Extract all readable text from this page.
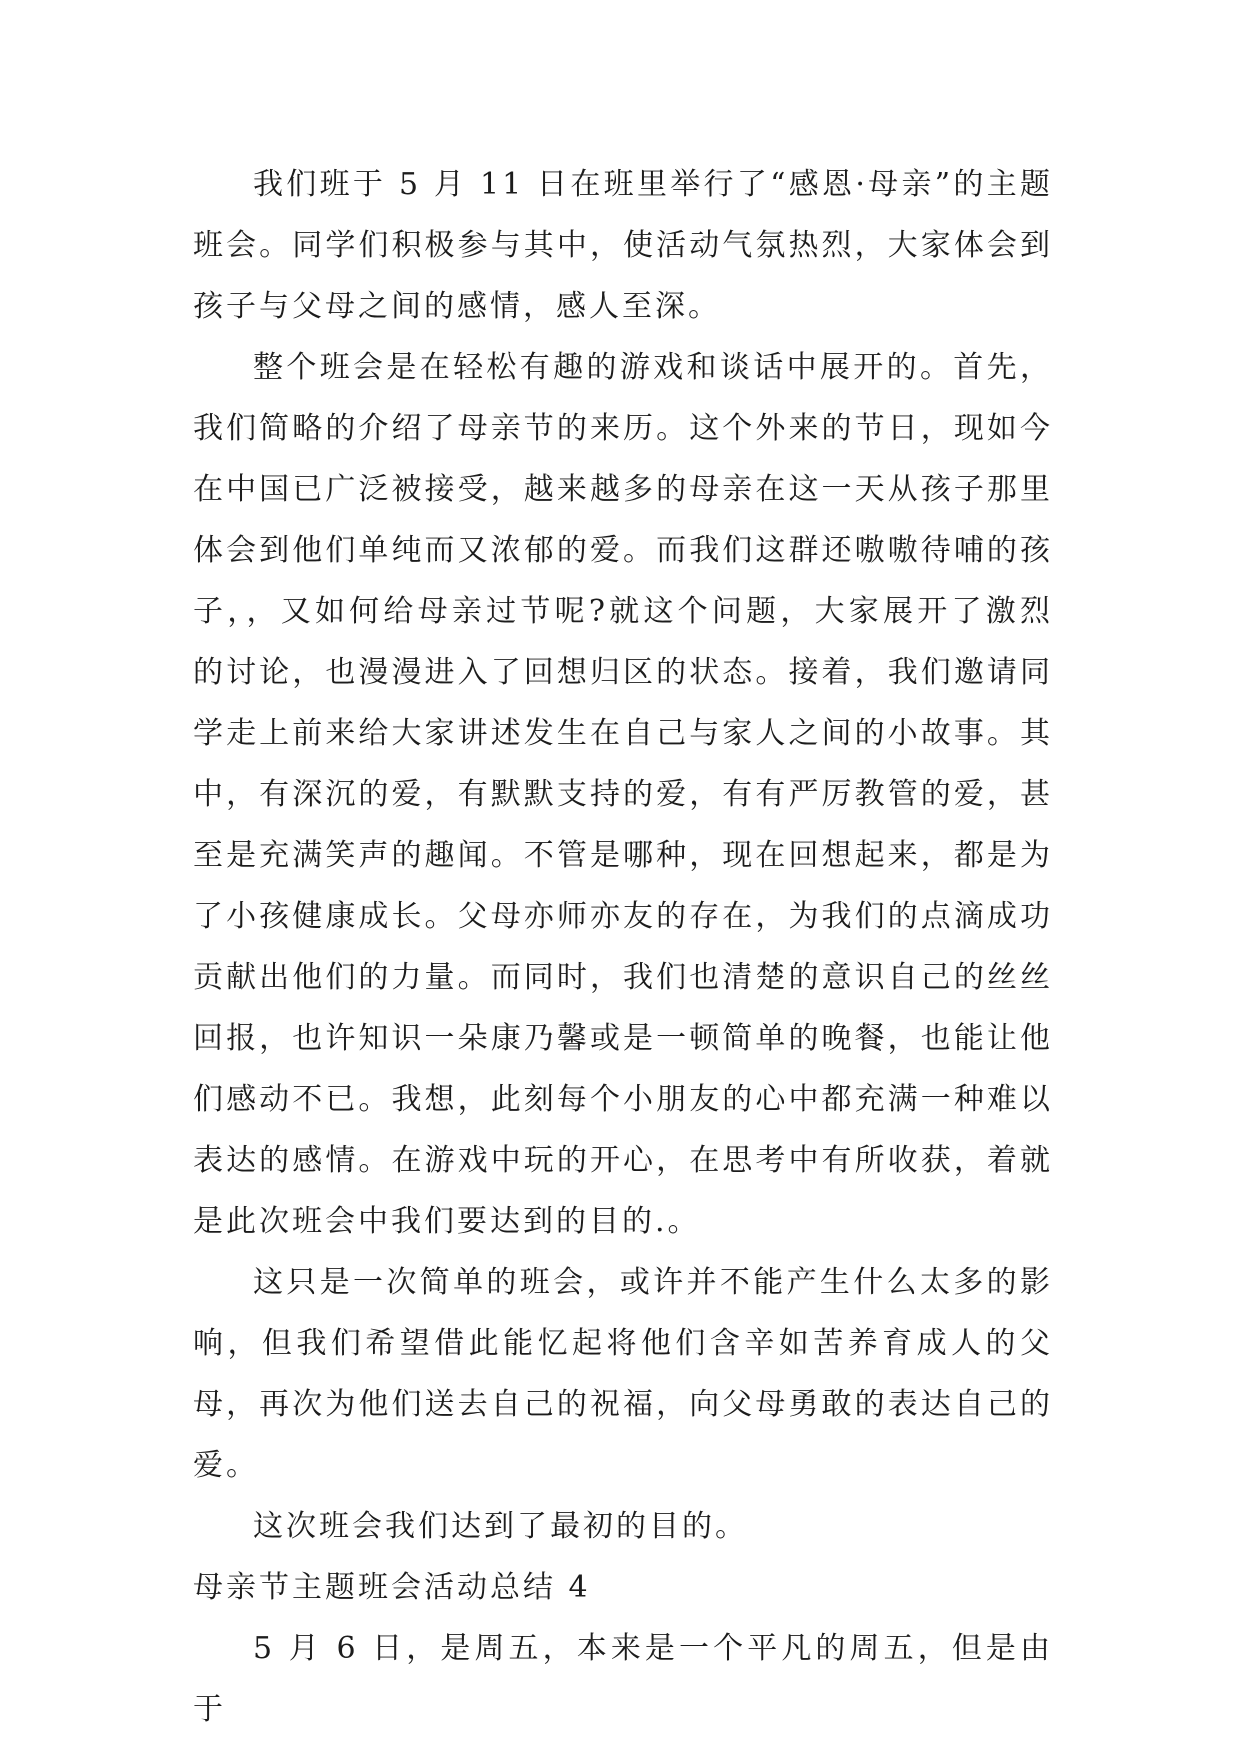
我们班于 5 月 11 日在班里举行了“感恩·母亲”的主题班会。同学们积极参与其中，使活动气氛热烈，大家体会到孩子与父母之间的感情，感人至深。

整个班会是在轻松有趣的游戏和谈话中展开的。首先，我们简略的介绍了母亲节的来历。这个外来的节日，现如今在中国已广泛被接受，越来越多的母亲在这一天从孩子那里体会到他们单纯而又浓郁的爱。而我们这群还嗷嗷待哺的孩子，，又如何给母亲过节呢?就这个问题，大家展开了激烈的讨论，也漫漫进入了回想归区的状态。接着，我们邀请同学走上前来给大家讲述发生在自己与家人之间的小故事。其中，有深沉的爱，有默默支持的爱，有有严厉教管的爱，甚至是充满笑声的趣闻。不管是哪种，现在回想起来，都是为了小孩健康成长。父母亦师亦友的存在，为我们的点滴成功贡献出他们的力量。而同时，我们也清楚的意识自己的丝丝回报，也许知识一朵康乃馨或是一顿简单的晚餐，也能让他们感动不已。我想，此刻每个小朋友的心中都充满一种难以表达的感情。在游戏中玩的开心，在思考中有所收获，着就是此次班会中我们要达到的目的.。

这只是一次简单的班会，或许并不能产生什么太多的影响，但我们希望借此能忆起将他们含辛如苦养育成人的父母，再次为他们送去自己的祝福，向父母勇敢的表达自己的爱。

这次班会我们达到了最初的目的。

母亲节主题班会活动总结 4

5 月 6 日，是周五，本来是一个平凡的周五，但是由于
